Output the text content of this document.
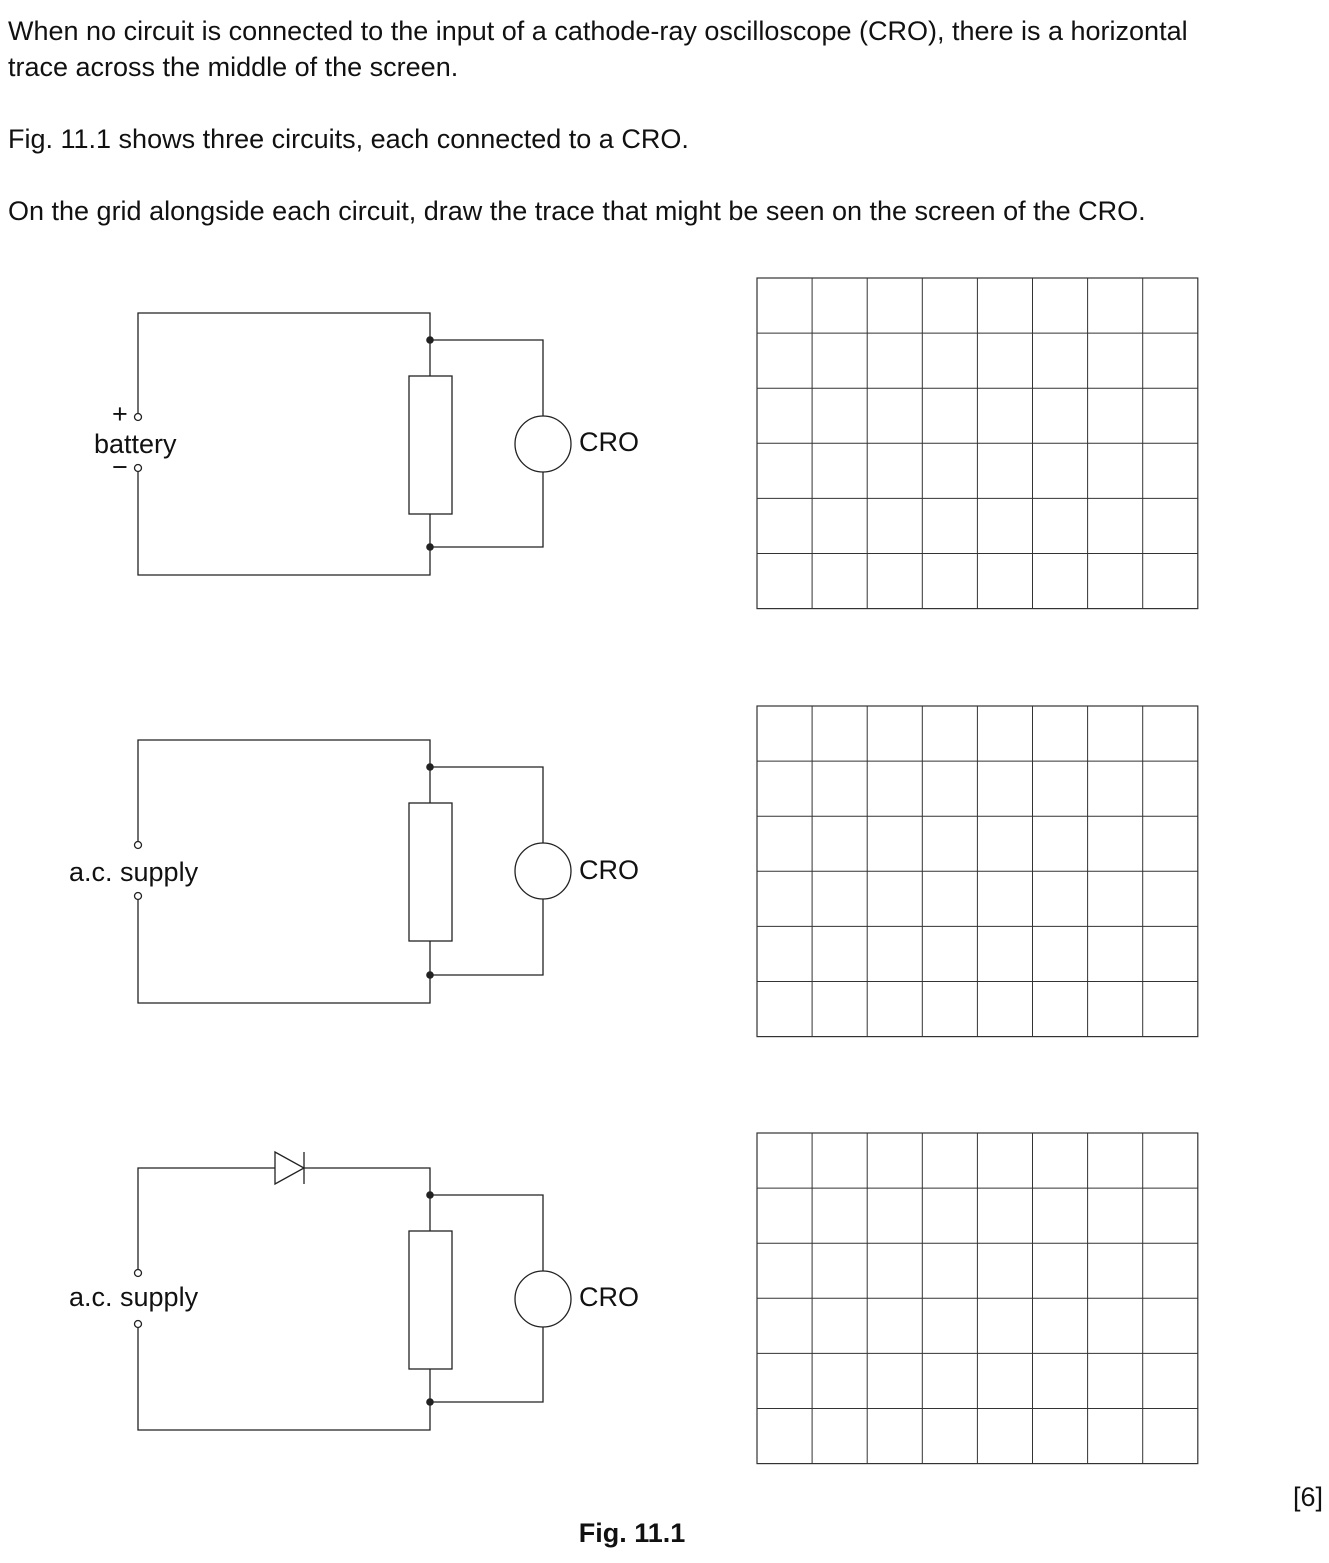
When no circuit is connected to the input of a cathode-ray oscilloscope (CRO), there is a horizontal
trace across the middle of the screen.

Fig. 11.1 shows three circuits, each connected to a CRO.

On the grid alongside each circuit, draw the trace that might be seen on the screen of the CRO.

+
battery
−
CRO
a.c. supply	CRO
a.c. supply	CRO
[6]
Fig. 11.1
